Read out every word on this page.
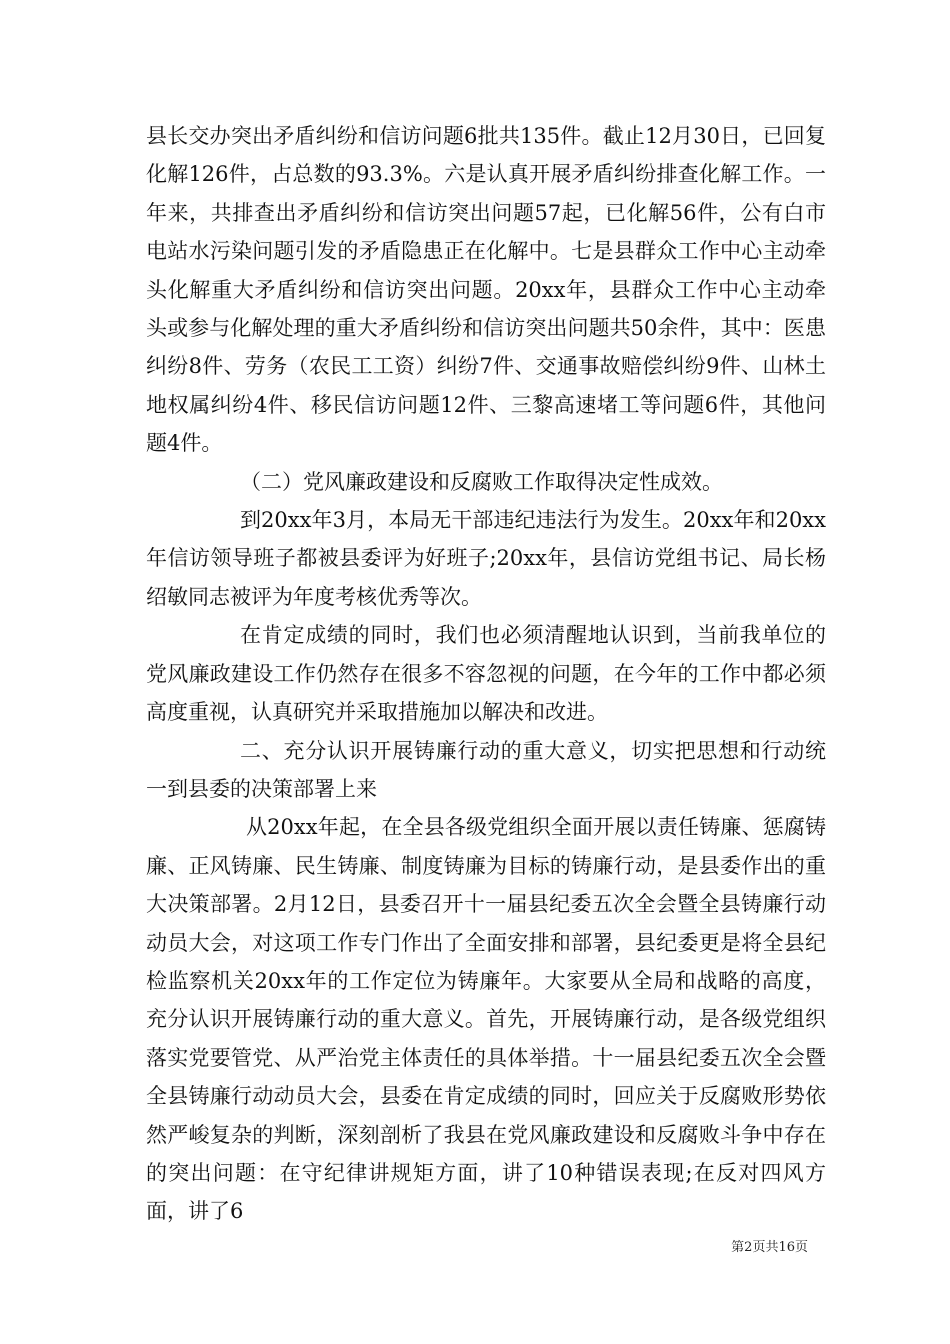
县长交办突出矛盾纠纷和信访问题6批共135件。截止12月30日，已回复化解126件，占总数的93.3%。六是认真开展矛盾纠纷排查化解工作。一年来，共排查出矛盾纠纷和信访突出问题57起，已化解56件，公有白市电站水污染问题引发的矛盾隐患正在化解中。七是县群众工作中心主动牵头化解重大矛盾纠纷和信访突出问题。20xx年，县群众工作中心主动牵头或参与化解处理的重大矛盾纠纷和信访突出问题共50余件，其中：医患纠纷8件、劳务（农民工工资）纠纷7件、交通事故赔偿纠纷9件、山林土地权属纠纷4件、移民信访问题12件、三黎高速堵工等问题6件，其他问题4件。

（二）党风廉政建设和反腐败工作取得决定性成效。

到20xx年3月，本局无干部违纪违法行为发生。20xx年和20xx年信访领导班子都被县委评为好班子;20xx年，县信访党组书记、局长杨绍敏同志被评为年度考核优秀等次。

在肯定成绩的同时，我们也必须清醒地认识到，当前我单位的党风廉政建设工作仍然存在很多不容忽视的问题，在今年的工作中都必须高度重视，认真研究并采取措施加以解决和改进。

二、充分认识开展铸廉行动的重大意义，切实把思想和行动统一到县委的决策部署上来

从20xx年起，在全县各级党组织全面开展以责任铸廉、惩腐铸廉、正风铸廉、民生铸廉、制度铸廉为目标的铸廉行动，是县委作出的重大决策部署。2月12日，县委召开十一届县纪委五次全会暨全县铸廉行动动员大会，对这项工作专门作出了全面安排和部署，县纪委更是将全县纪检监察机关20xx年的工作定位为铸廉年。大家要从全局和战略的高度，充分认识开展铸廉行动的重大意义。首先，开展铸廉行动，是各级党组织落实党要管党、从严治党主体责任的具体举措。十一届县纪委五次全会暨全县铸廉行动动员大会，县委在肯定成绩的同时，回应关于反腐败形势依然严峻复杂的判断，深刻剖析了我县在党风廉政建设和反腐败斗争中存在的突出问题：在守纪律讲规矩方面，讲了10种错误表现;在反对四风方面，讲了6

第2页共16页
